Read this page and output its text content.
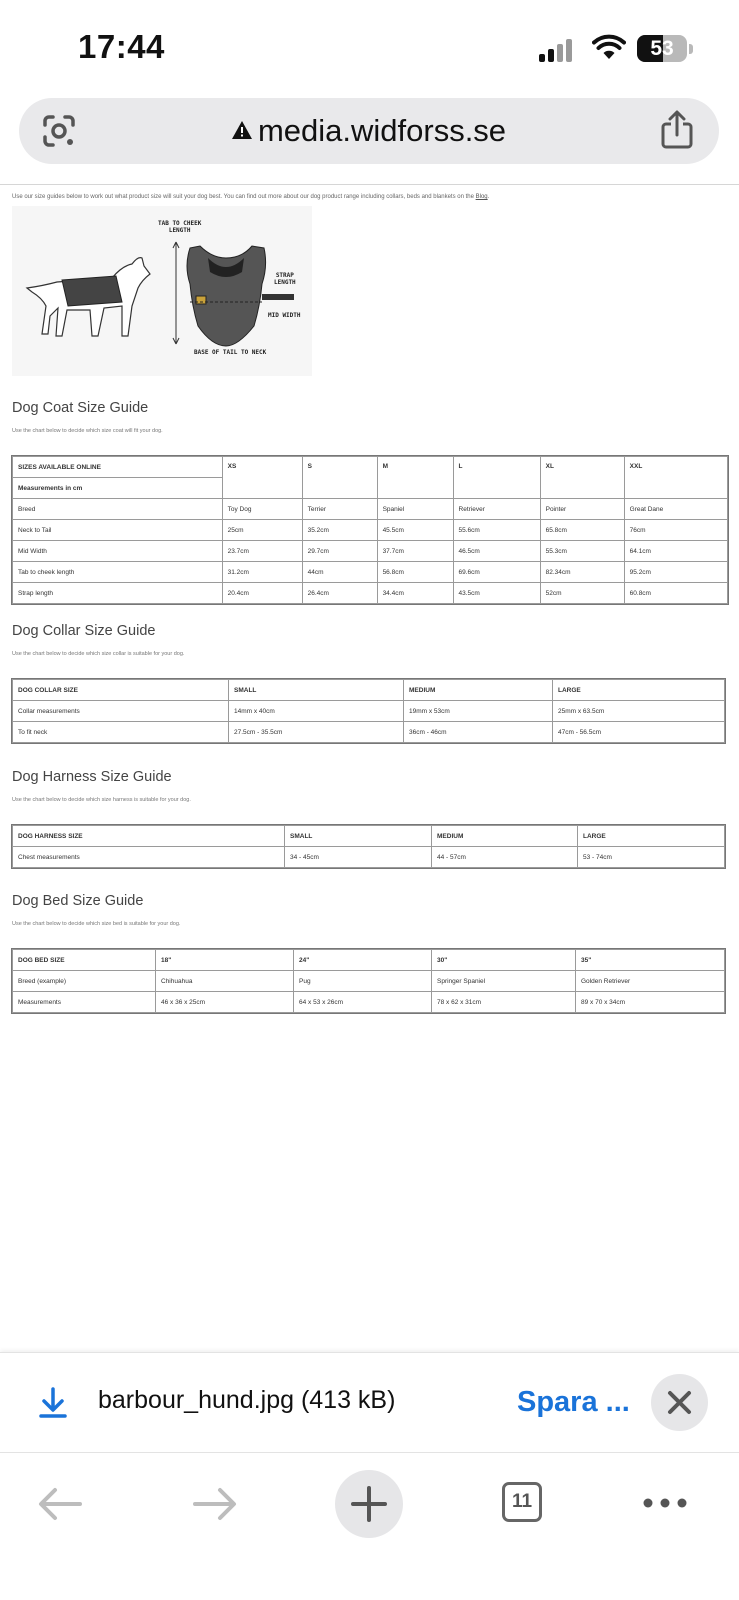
17:44	53
media.widforss.se
Use our size guides below to work out what product size will suit your dog best. You can find out more about our dog product range including collars, beds and blankets on the Blog.
TAB TO CHEEK
LENGTH
STRAP
LENGTH
MID WIDTH
BASE OF TAIL TO NECK
Dog Coat Size Guide
Use the chart below to decide which size coat will fit your dog.
SIZES AVAILABLE ONLINE	XS	S	M	L	XL	XXL
Measurements in cm						
Breed	Toy Dog	Terrier	Spaniel	Retriever	Pointer	Great Dane
Neck to Tail	25cm	35.2cm	45.5cm	55.6cm	65.8cm	76cm
Mid Width	23.7cm	29.7cm	37.7cm	46.5cm	55.3cm	64.1cm
Tab to cheek length	31.2cm	44cm	56.8cm	69.6cm	82.34cm	95.2cm
Strap length	20.4cm	26.4cm	34.4cm	43.5cm	52cm	60.8cm
Dog Collar Size Guide
Use the chart below to decide which size collar is suitable for your dog.
DOG COLLAR SIZE	SMALL	MEDIUM	LARGE
Collar measurements	14mm x 40cm	19mm x 53cm	25mm x 63.5cm
To fit neck	27.5cm - 35.5cm	36cm - 46cm	47cm - 56.5cm
Dog Harness Size Guide
Use the chart below to decide which size harness is suitable for your dog.
DOG HARNESS SIZE	SMALL	MEDIUM	LARGE
Chest measurements	34 - 45cm	44 - 57cm	53 - 74cm
Dog Bed Size Guide
Use the chart below to decide which size bed is suitable for your dog.
DOG BED SIZE	18"	24"	30"	35"
Breed (example)	Chihuahua	Pug	Springer Spaniel	Golden Retriever
Measurements	46 x 36 x 25cm	64 x 53 x 26cm	78 x 62 x 31cm	89 x 70 x 34cm
barbour_hund.jpg (413 kB)	Spara ...
11
